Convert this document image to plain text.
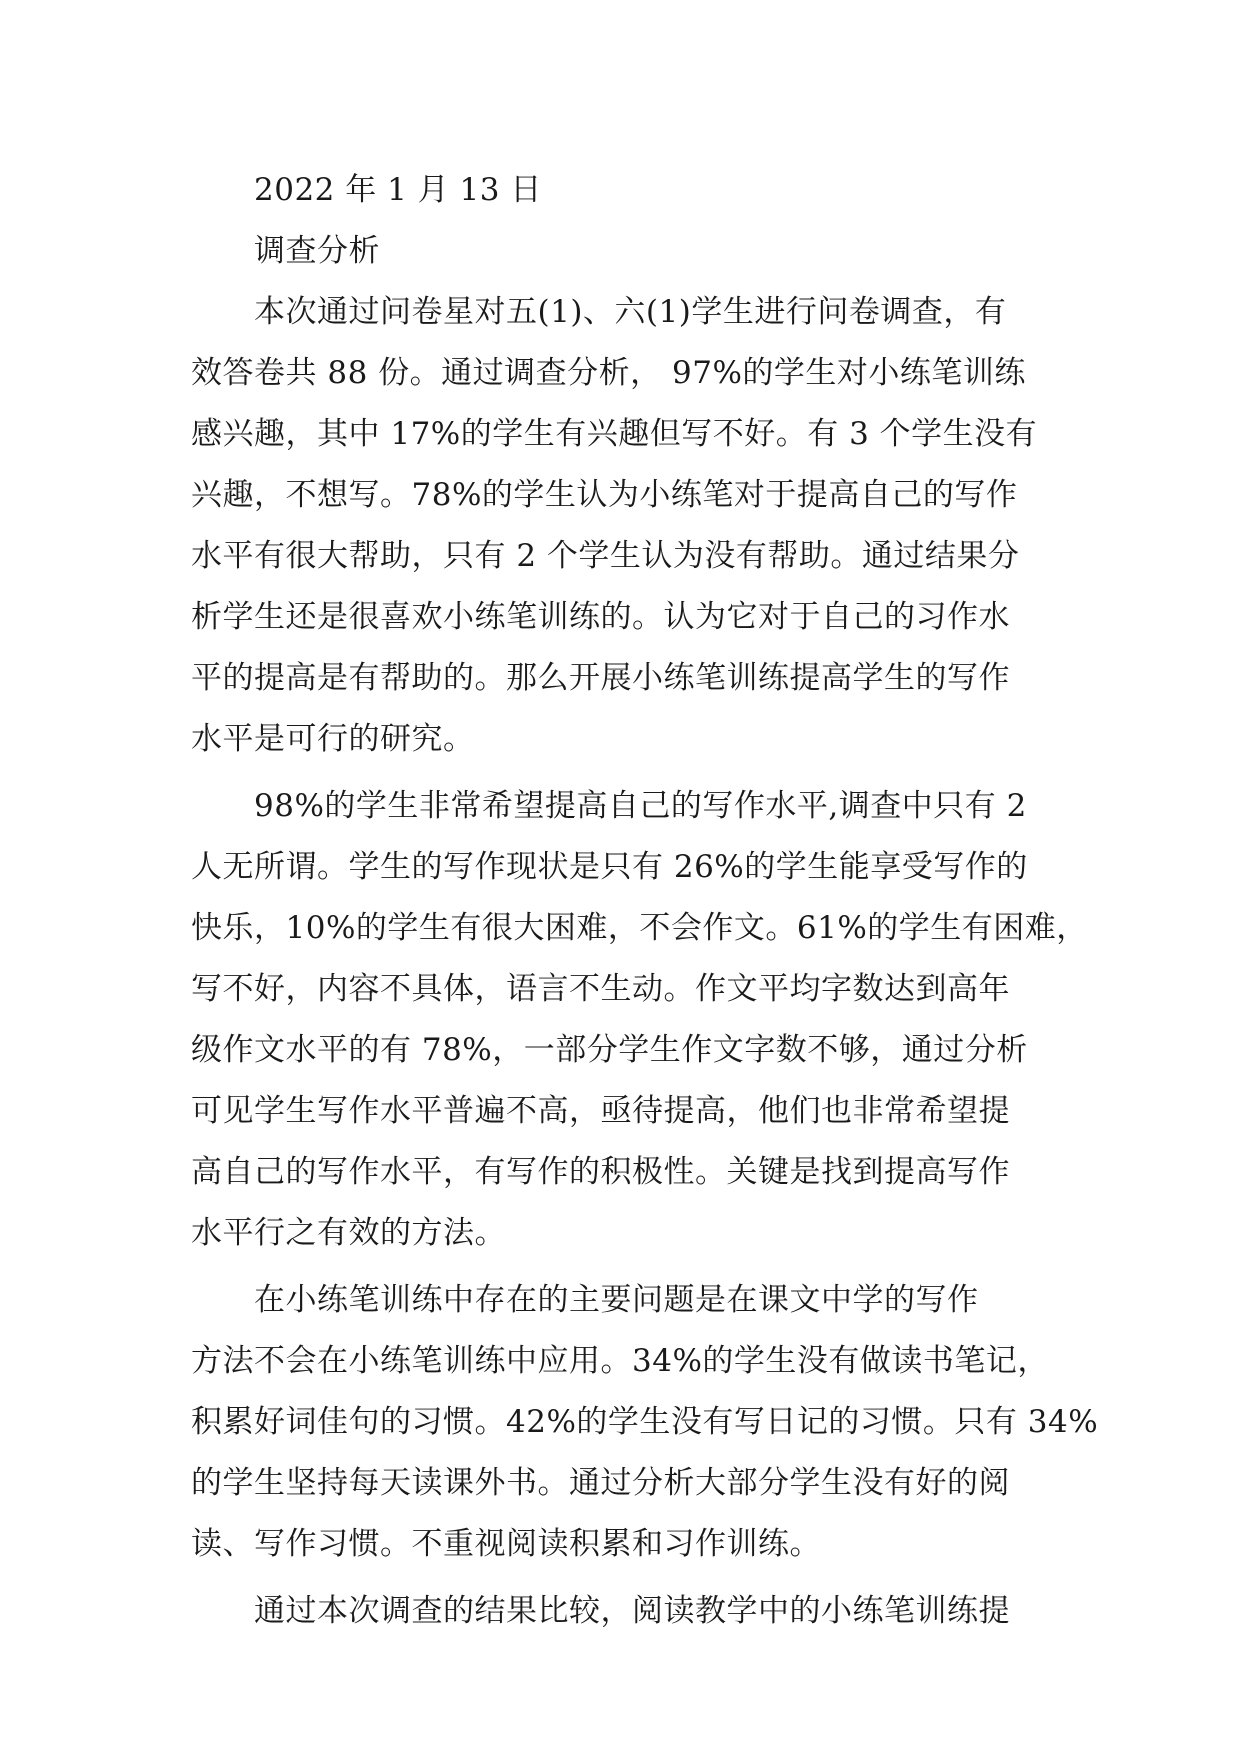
2022 年 1 月 13 日
调查分析
本次通过问卷星对五(1)、六(1)学生进行问卷调查，有
效答卷共 88 份。通过调查分析， 97%的学生对小练笔训练
感兴趣，其中 17%的学生有兴趣但写不好。有 3 个学生没有
兴趣，不想写。78%的学生认为小练笔对于提高自己的写作
水平有很大帮助，只有 2 个学生认为没有帮助。通过结果分
析学生还是很喜欢小练笔训练的。认为它对于自己的习作水
平的提高是有帮助的。那么开展小练笔训练提高学生的写作
水平是可行的研究。
98%的学生非常希望提高自己的写作水平,调查中只有 2
人无所谓。学生的写作现状是只有 26%的学生能享受写作的
快乐，10%的学生有很大困难，不会作文。61%的学生有困难，
写不好，内容不具体，语言不生动。作文平均字数达到高年
级作文水平的有 78%，一部分学生作文字数不够，通过分析
可见学生写作水平普遍不高，亟待提高，他们也非常希望提
高自己的写作水平，有写作的积极性。关键是找到提高写作
水平行之有效的方法。
在小练笔训练中存在的主要问题是在课文中学的写作
方法不会在小练笔训练中应用。34%的学生没有做读书笔记，
积累好词佳句的习惯。42%的学生没有写日记的习惯。只有 34%
的学生坚持每天读课外书。通过分析大部分学生没有好的阅
读、写作习惯。不重视阅读积累和习作训练。
通过本次调查的结果比较，阅读教学中的小练笔训练提
